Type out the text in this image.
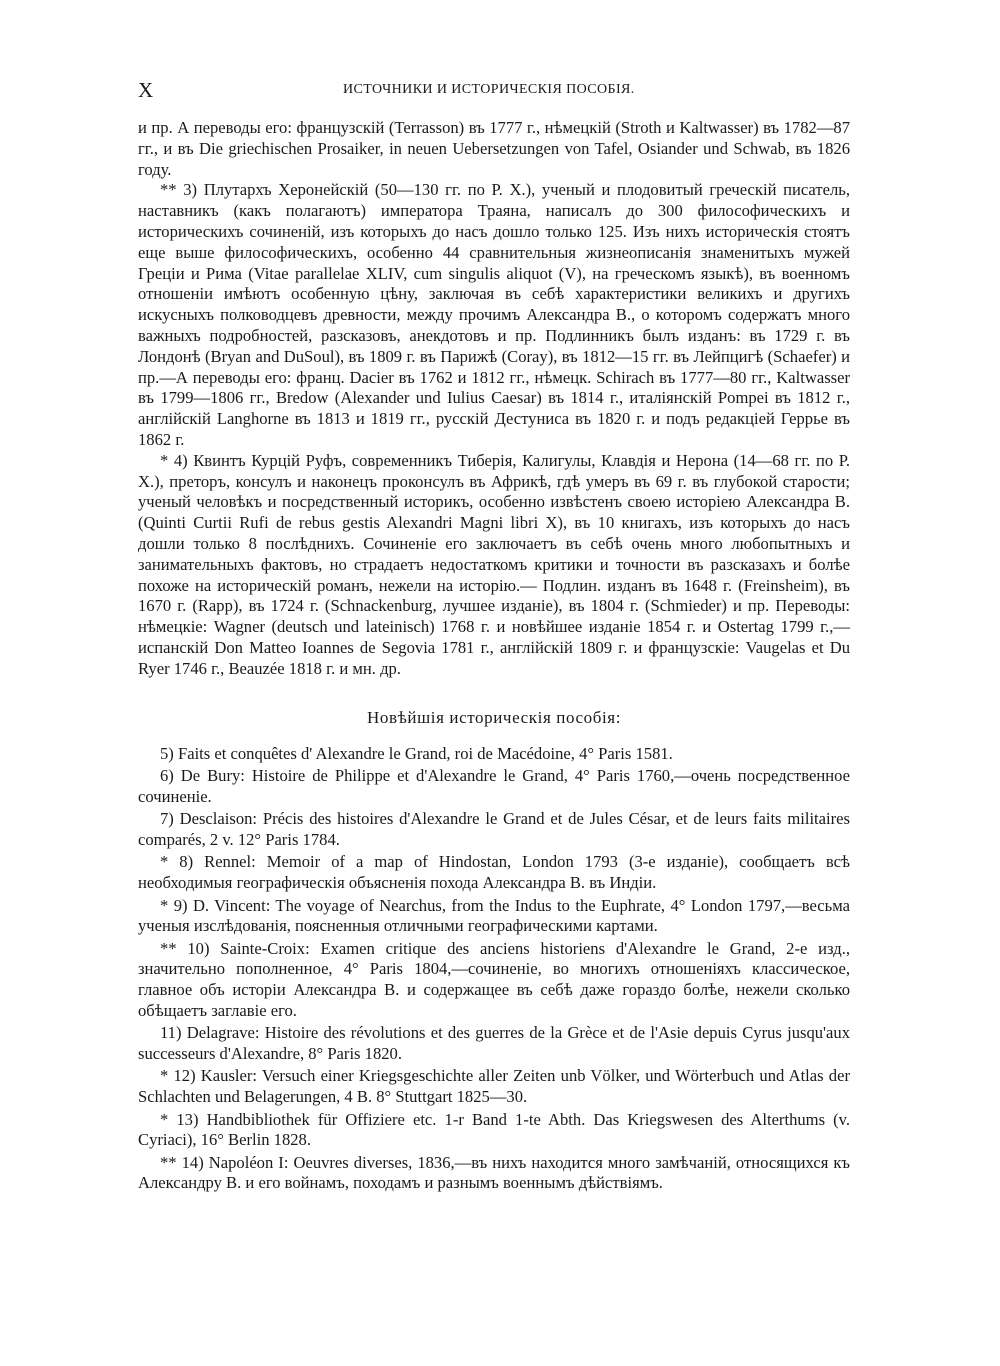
X	ИСТОЧНИКИ И ИСТОРИЧЕСКІЯ ПОСОБІЯ.

и пр. А переводы его: французскій (Terrasson) въ 1777 г., нѣмецкій (Stroth и Kaltwasser) въ 1782—87 гг., и въ Die griechischen Prosaiker, in neuen Uebersetzungen von Tafel, Osiander und Schwab, въ 1826 году.

** 3) Плутархъ Херонейскій (50—130 гг. по Р. Х.), ученый и плодовитый греческій писатель, наставникъ (какъ полагаютъ) императора Траяна, написалъ до 300 философическихъ и историческихъ сочиненій, изъ которыхъ до насъ дошло только 125. Изъ нихъ историческія стоятъ еще выше философическихъ, особенно 44 сравнительныя жизнеописанія знаменитыхъ мужей Греціи и Рима (Vitae parallelae XLIV, cum singulis aliquot (V), на греческомъ языкѣ), въ военномъ отношеніи имѣютъ особенную цѣну, заключая въ себѣ характеристики великихъ и другихъ искусныхъ полководцевъ древности, между прочимъ Александра В., о которомъ содержатъ много важныхъ подробностей, разсказовъ, анекдотовъ и пр. Подлинникъ былъ изданъ: въ 1729 г. въ Лондонѣ (Bryan and DuSoul), въ 1809 г. въ Парижѣ (Coray), въ 1812—15 гг. въ Лейпцигѣ (Schaefer) и пр.—А переводы его: франц. Dacier въ 1762 и 1812 гг., нѣмецк. Schirach въ 1777—80 гг., Kaltwasser въ 1799—1806 гг., Bredow (Alexander und Iulius Caesar) въ 1814 г., италіянскій Pompei въ 1812 г., англійскій Langhorne въ 1813 и 1819 гг., русскій Дестуниса въ 1820 г. и подъ редакціей Геррье въ 1862 г.

* 4) Квинтъ Курцій Руфъ, современникъ Тиберія, Калигулы, Клавдія и Нерона (14—68 гг. по Р. Х.), преторъ, консулъ и наконецъ проконсулъ въ Африкѣ, гдѣ умеръ въ 69 г. въ глубокой старости; ученый человѣкъ и посредственный историкъ, особенно извѣстенъ своею исторіею Александра В. (Quinti Curtii Rufi de rebus gestis Alexandri Magni libri X), въ 10 книгахъ, изъ которыхъ до насъ дошли только 8 послѣднихъ. Сочиненіе его заключаетъ въ себѣ очень много любопытныхъ и занимательныхъ фактовъ, но страдаетъ недостаткомъ критики и точности въ разсказахъ и болѣе похоже на историческій романъ, нежели на исторію.— Подлин. изданъ въ 1648 г. (Freinsheim), въ 1670 г. (Rapp), въ 1724 г. (Schnackenburg, лучшее изданіе), въ 1804 г. (Schmieder) и пр. Переводы: нѣмецкіе: Wagner (deutsch und lateinisch) 1768 г. и новѣйшее изданіе 1854 г. и Ostertag 1799 г.,—испанскій Don Matteo Ioannes de Segovia 1781 г., англійскій 1809 г. и французскіе: Vaugelas et Du Ryer 1746 г., Beauzée 1818 г. и мн. др.

Новѣйшія историческія пособія:

5) Faits et conquêtes d' Alexandre le Grand, roi de Macédoine, 4° Paris 1581.

6) De Bury: Histoire de Philippe et d'Alexandre le Grand, 4° Paris 1760,—очень посредственное сочиненіе.

7) Desclaison: Précis des histoires d'Alexandre le Grand et de Jules César, et de leurs faits militaires comparés, 2 v. 12° Paris 1784.

* 8) Rennel: Memoir of a map of Hindostan, London 1793 (3-е изданіе), сообщаетъ всѣ необходимыя географическія объясненія похода Александра В. въ Индіи.

* 9) D. Vincent: The voyage of Nearchus, from the Indus to the Euphrate, 4° London 1797,—весьма ученыя изслѣдованія, поясненныя отличными географическими картами.

** 10) Sainte-Croix: Examen critique des anciens historiens d'Alexandre le Grand, 2-е изд., значительно пополненное, 4° Paris 1804,—сочиненіе, во многихъ отношеніяхъ классическое, главное объ исторіи Александра В. и содержащее въ себѣ даже гораздо болѣе, нежели сколько обѣщаетъ заглавіе его.

11) Delagrave: Histoire des révolutions et des guerres de la Grèce et de l'Asie depuis Cyrus jusqu'aux successeurs d'Alexandre, 8° Paris 1820.

* 12) Kausler: Versuch einer Kriegsgeschichte aller Zeiten unb Völker, und Wörterbuch und Atlas der Schlachten und Belagerungen, 4 B. 8° Stuttgart 1825—30.

* 13) Handbibliothek für Offiziere etc. 1-r Band 1-te Abth. Das Kriegswesen des Alterthums (v. Cyriaci), 16° Berlin 1828.

** 14) Napoléon I: Oeuvres diverses, 1836,—въ нихъ находится много замѣчаній, относящихся къ Александру В. и его войнамъ, походамъ и разнымъ военнымъ дѣйствіямъ.
